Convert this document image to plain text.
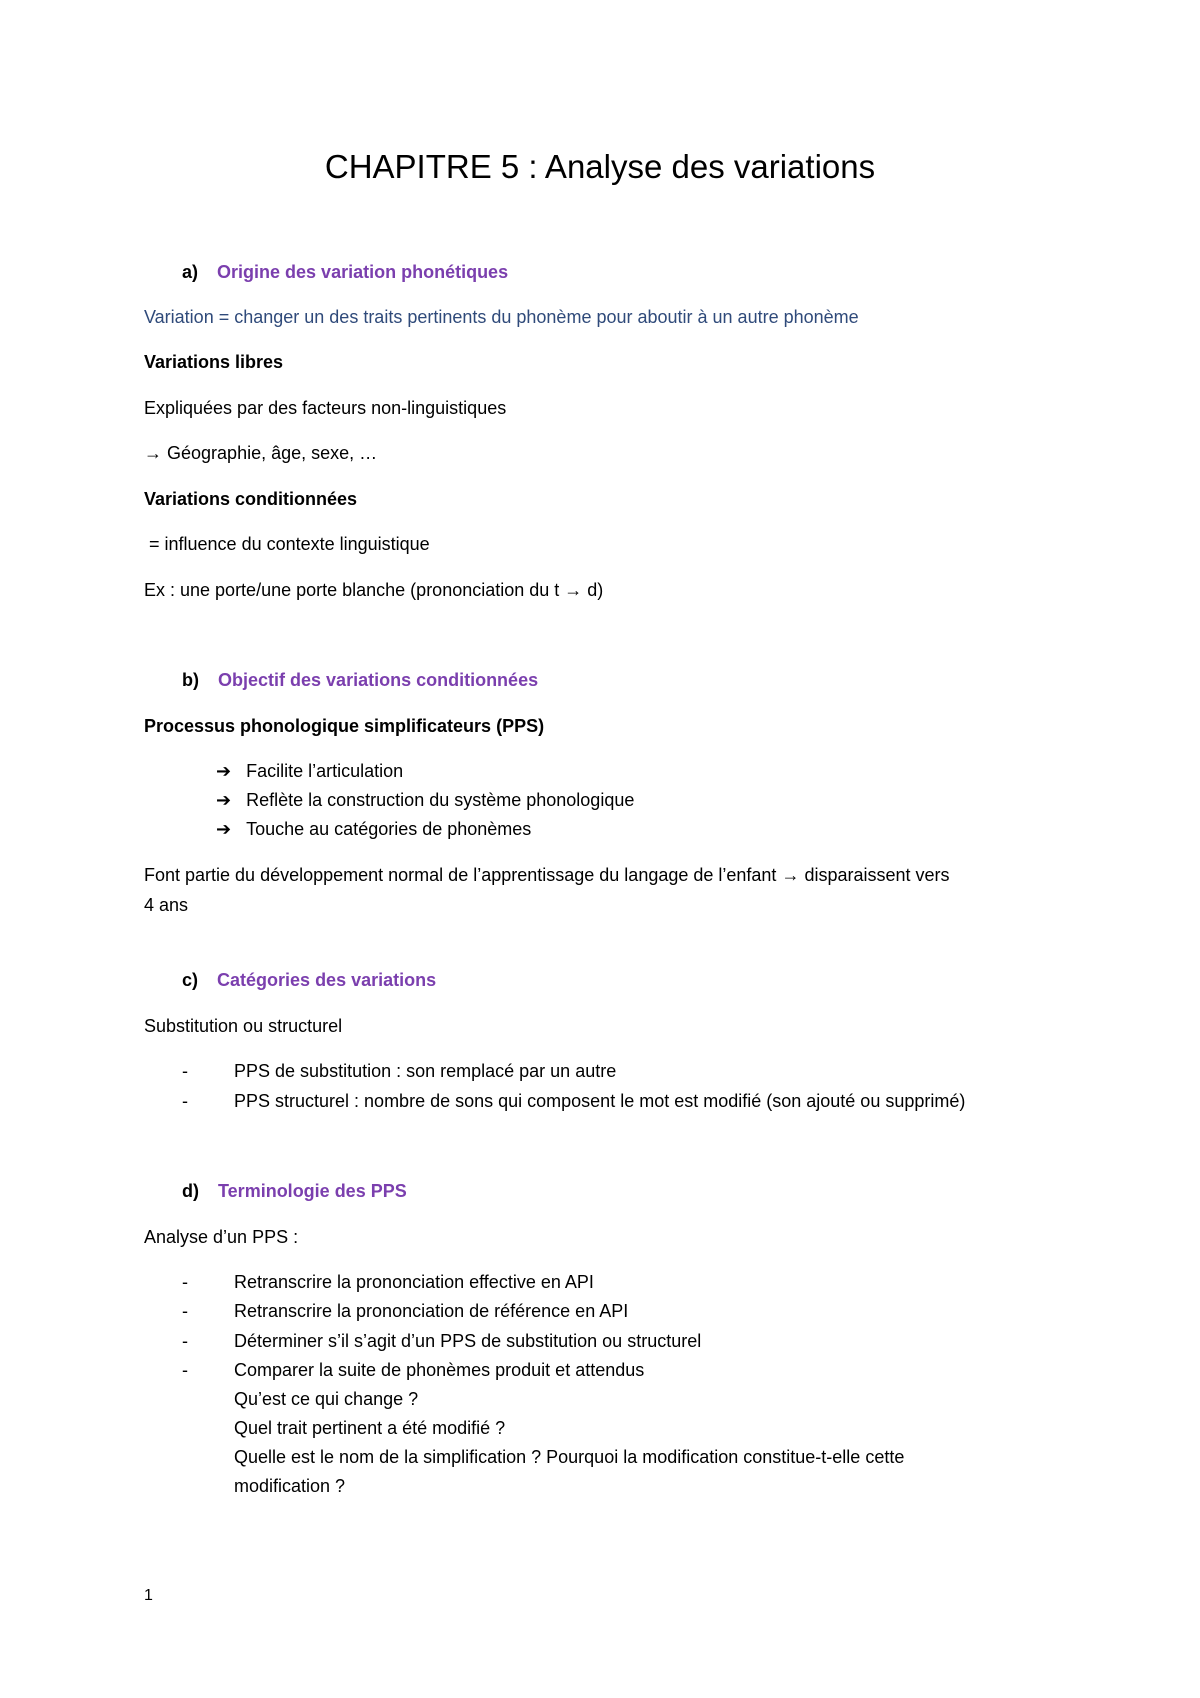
CHAPITRE 5 : Analyse des variations
a) Origine des variation phonétiques
Variation = changer un des traits pertinents du phonème pour aboutir à un autre phonème
Variations libres
Expliquées par des facteurs non-linguistiques
→ Géographie, âge, sexe, …
Variations conditionnées
= influence du contexte linguistique
Ex : une porte/une porte blanche (prononciation du t → d)
b) Objectif des variations conditionnées
Processus phonologique simplificateurs (PPS)
➔ Facilite l’articulation
➔ Reflète la construction du système phonologique
➔ Touche au catégories de phonèmes
Font partie du développement normal de l’apprentissage du langage de l’enfant → disparaissent vers
4 ans
c) Catégories des variations
Substitution ou structurel
-	PPS de substitution : son remplacé par un autre
-	PPS structurel : nombre de sons qui composent le mot est modifié (son ajouté ou supprimé)
d) Terminologie des PPS
Analyse d’un PPS :
-	Retranscrire la prononciation effective en API
-	Retranscrire la prononciation de référence en API
-	Déterminer s’il s’agit d’un PPS de substitution ou structurel
-	Comparer la suite de phonèmes produit et attendus
Qu’est ce qui change ?
Quel trait pertinent a été modifié ?
Quelle est le nom de la simplification ? Pourquoi la modification constitue-t-elle cette
modification ?
1
